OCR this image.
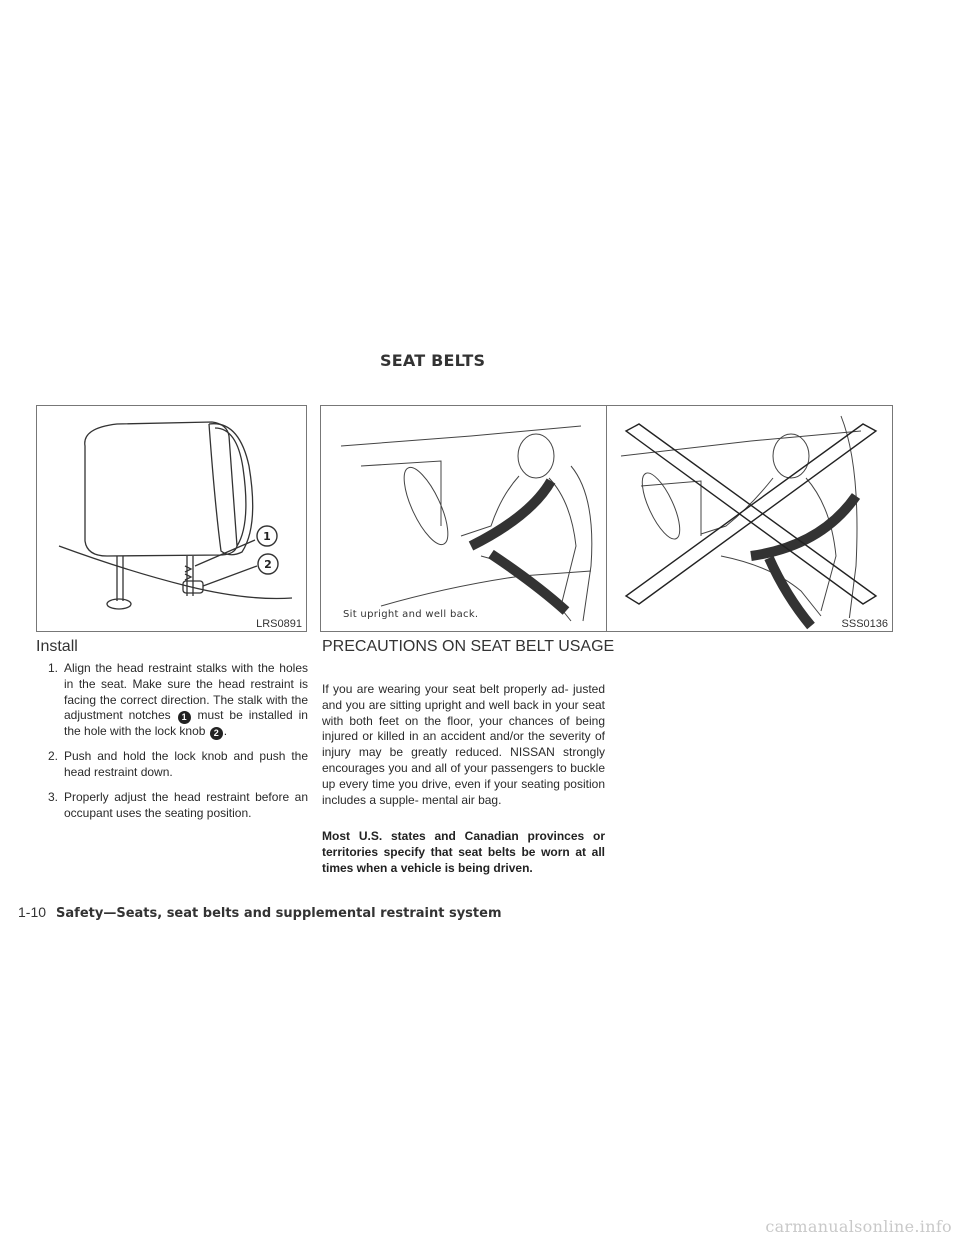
SEAT BELTS
1
2
LRS0891
Sit upright and well back.
SSS0136
Install
1. Align the head restraint stalks with the holes in the seat. Make sure the head restraint is facing the correct direction. The stalk with the adjustment notches 1 must be installed in the hole with the lock knob 2 .
2. Push and hold the lock knob and push the head restraint down.
3. Properly adjust the head restraint before an occupant uses the seating position.
PRECAUTIONS ON SEAT BELT USAGE

If you are wearing your seat belt properly ad- justed and you are sitting upright and well back in your seat with both feet on the floor, your chances of being injured or killed in an accident and/or the severity of injury may be greatly reduced. NISSAN strongly encourages you and all of your passengers to buckle up every time you drive, even if your seating position includes a supple- mental air bag.

Most U.S. states and Canadian provinces or territories specify that seat belts be worn at all times when a vehicle is being driven.

1-10 Safety—Seats, seat belts and supplemental restraint system
carmanualsonline.info
